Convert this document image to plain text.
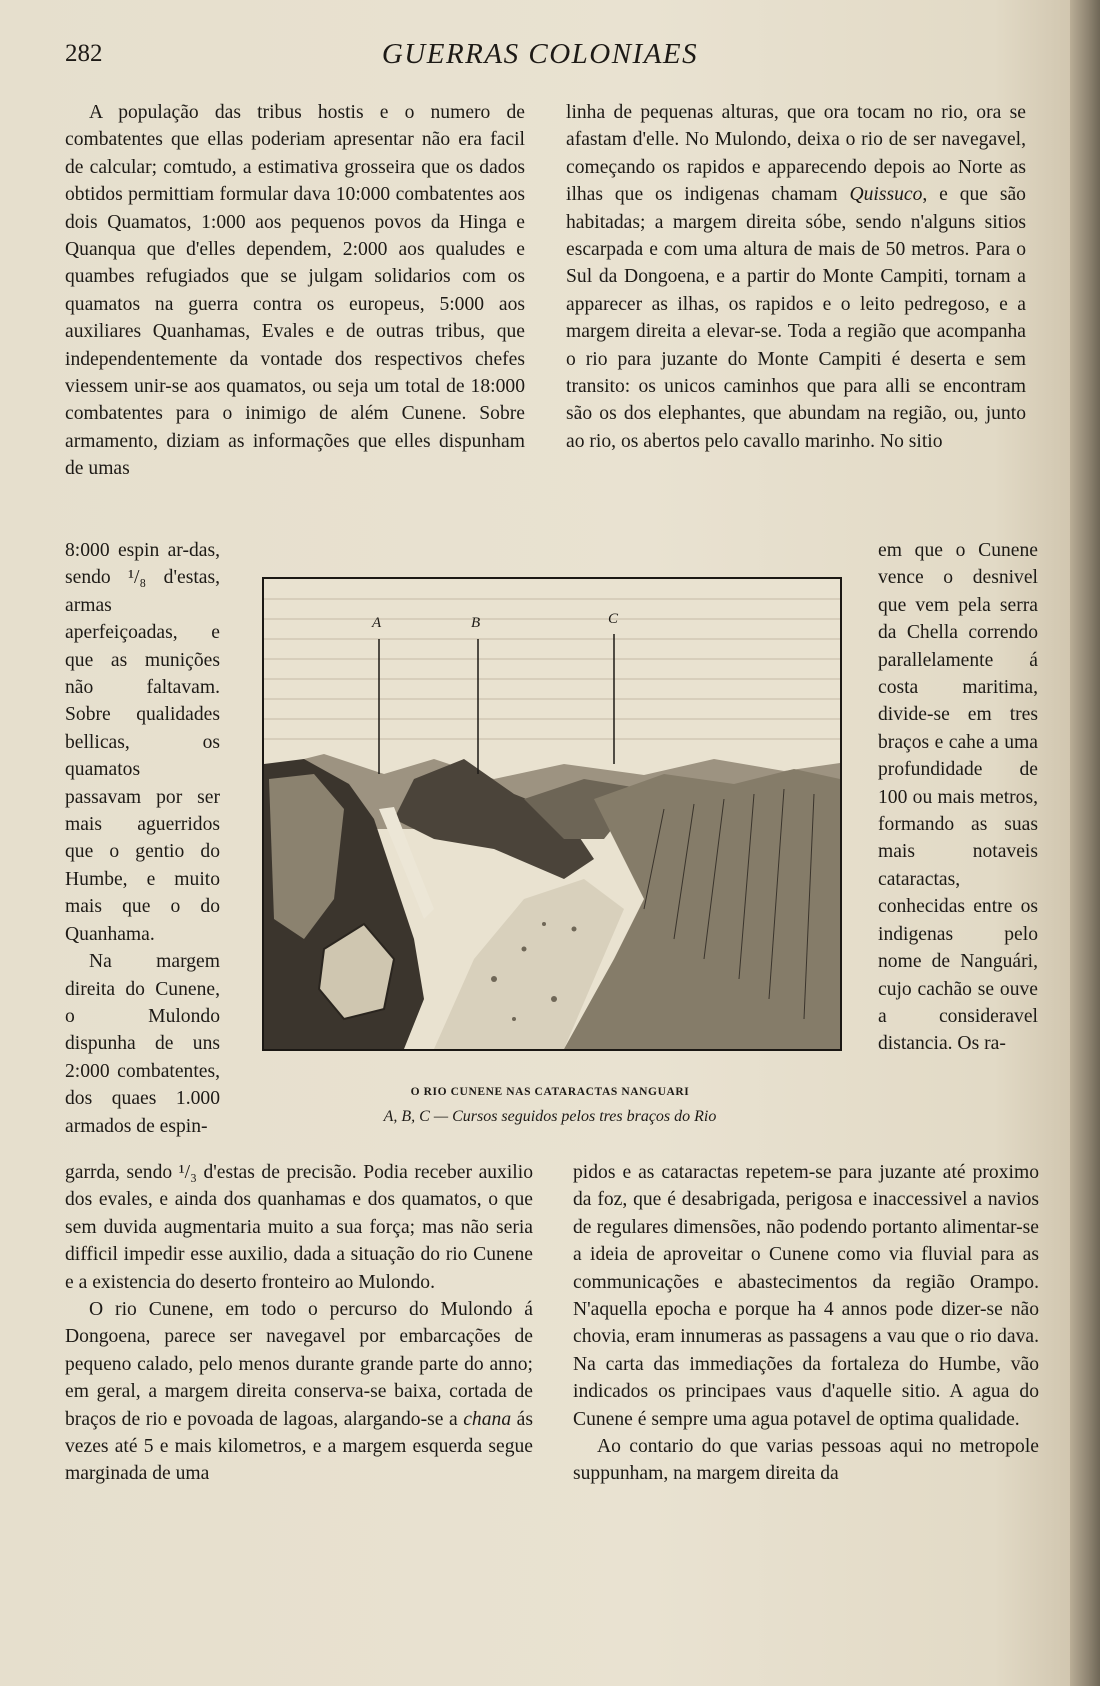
282	GUERRAS COLONIAES

A população das tribus hostis e o numero de combatentes que ellas poderiam apresentar não era facil de calcular; comtudo, a estimativa grosseira que os dados obtidos permittiam formular dava 10:000 combatentes aos dois Quamatos, 1:000 aos pequenos povos da Hinga e Quanqua que d'elles dependem, 2:000 aos qualudes e quambes refugiados que se julgam solidarios com os quamatos na guerra contra os europeus, 5:000 aos auxiliares Quanhamas, Evales e de outras tribus, que independentemente da vontade dos respectivos chefes viessem unir-se aos quamatos, ou seja um total de 18:000 combatentes para o inimigo de além Cunene. Sobre armamento, diziam as informações que elles dispunham de umas

8:000 espin ar-das, sendo ¹/₈ d'estas, armas aperfeiçoadas, e que as munições não faltavam. Sobre qualidades bellicas, os quamatos passavam por ser mais aguerridos que o gentio do Humbe, e muito mais que o do Quanhama.

Na margem direita do Cunene, o Mulondo dispunha de uns 2:000 combatentes, dos quaes 1.000 armados de espin-

garrda, sendo ¹/₃ d'estas de precisão. Podia receber auxilio dos evales, e ainda dos quanhamas e dos quamatos, o que sem duvida augmentaria muito a sua força; mas não seria difficil impedir esse auxilio, dada a situação do rio Cunene e a existencia do deserto fronteiro ao Mulondo.

O rio Cunene, em todo o percurso do Mulondo á Dongoena, parece ser navegavel por embarcações de pequeno calado, pelo menos durante grande parte do anno; em geral, a margem direita conserva-se baixa, cortada de braços de rio e povoada de lagoas, alargando-se a chana ás vezes até 5 e mais kilometros, e a margem esquerda segue marginada de uma

linha de pequenas alturas, que ora tocam no rio, ora se afastam d'elle. No Mulondo, deixa o rio de ser navegavel, começando os rapidos e apparecendo depois ao Norte as ilhas que os indigenas chamam Quissuco, e que são habitadas; a margem direita sóbe, sendo n'alguns sitios escarpada e com uma altura de mais de 50 metros. Para o Sul da Dongoena, e a partir do Monte Campiti, tornam a apparecer as ilhas, os rapidos e o leito pedregoso, e a margem direita a elevar-se. Toda a região que acompanha o rio para juzante do Monte Campiti é deserta e sem transito: os unicos caminhos que para alli se encontram são os dos elephantes, que abundam na região, ou, junto ao rio, os abertos pelo cavallo marinho. No sitio

em que o Cunene vence o desnivel que vem pela serra da Chella correndo parallelamente á costa maritima, divide-se em tres braços e cahe a uma profundidade de 100 ou mais metros, formando as suas mais notaveis cataractas, conhecidas entre os indigenas pelo nome de Nanguári, cujo cachão se ouve a consideravel distancia. Os ra-

pidos e as cataractas repetem-se para juzante até proximo da foz, que é desabrigada, perigosa e inaccessivel a navios de regulares dimensões, não podendo portanto alimentar-se a ideia de aproveitar o Cunene como via fluvial para as communicações e abastecimentos da região Orampo. N'aquella epocha e porque ha 4 annos pode dizer-se não chovia, eram innumeras as passagens a vau que o rio dava. Na carta das immediações da fortaleza do Humbe, vão indicados os principaes vaus d'aquelle sitio. A agua do Cunene é sempre uma agua potavel de optima qualidade.

Ao contario do que varias pessoas aqui no metropole suppunham, na margem direita da

A	B	C
O RIO CUNENE NAS CATARACTAS NANGUARI
A, B, C — Cursos seguidos pelos tres braços do Rio
